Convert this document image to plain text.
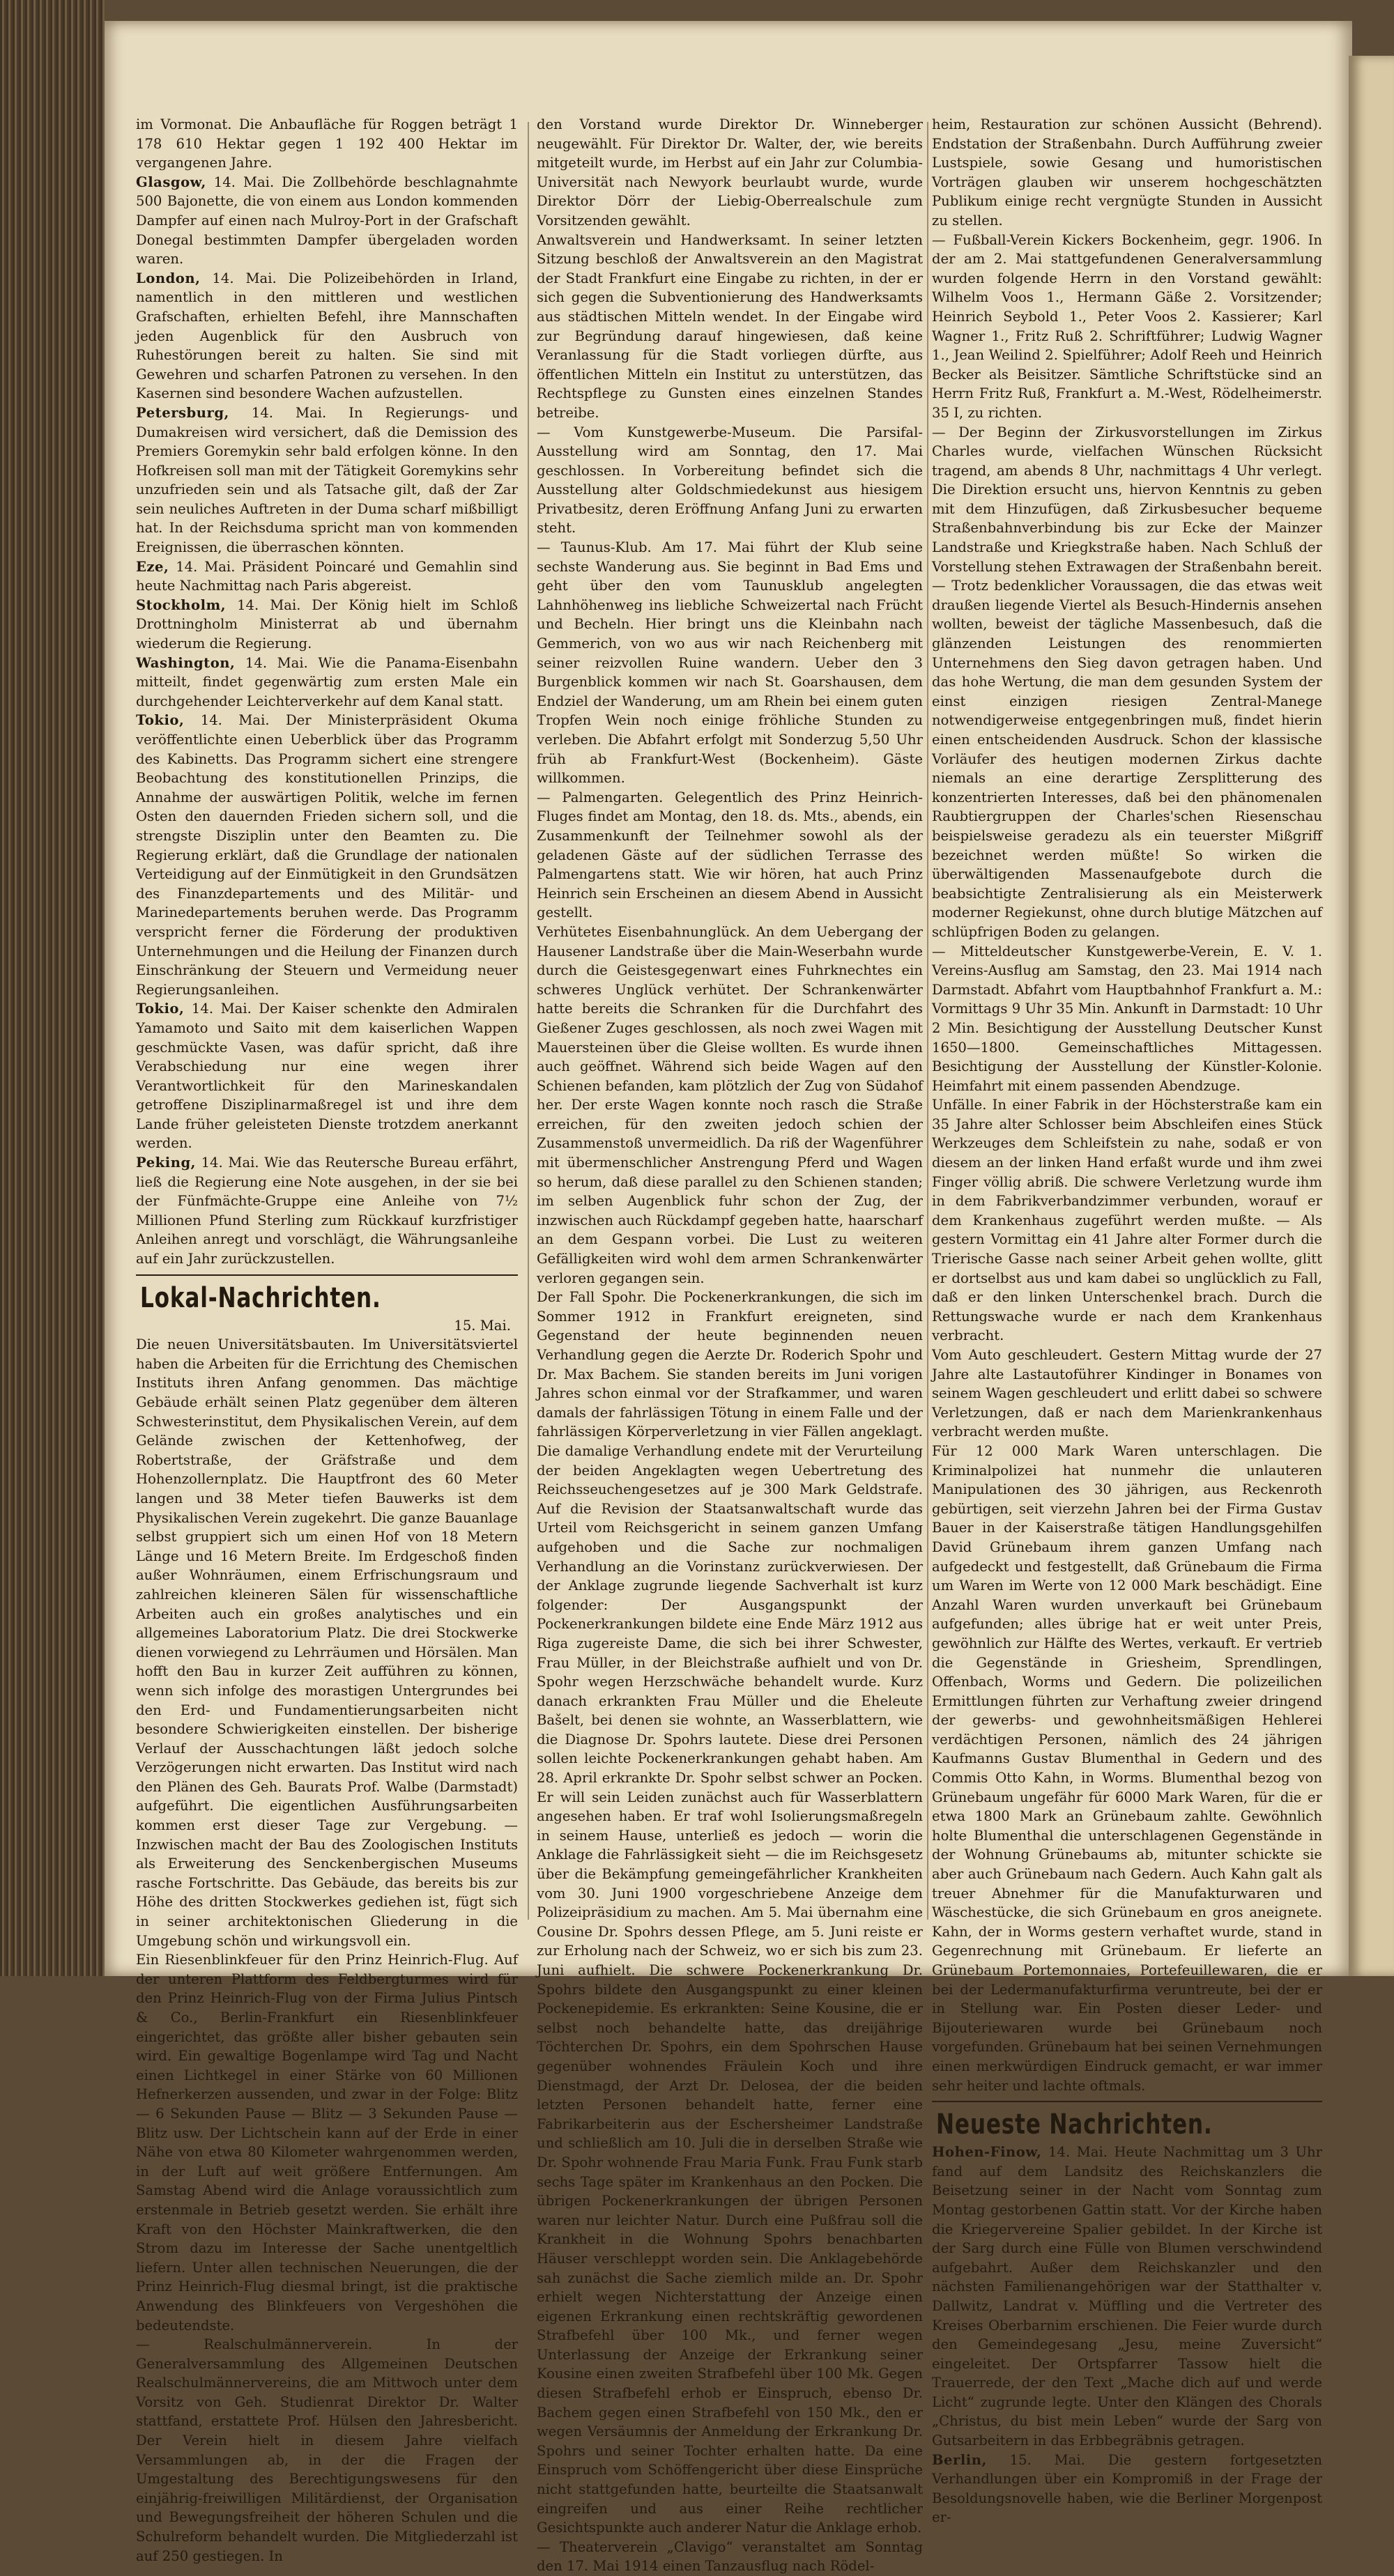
im Vormonat. Die Anbaufläche für Roggen beträgt 1 178 610 Hektar gegen 1 192 400 Hektar im vergangenen Jahre.

Glasgow, 14. Mai. Die Zollbehörde beschlagnahmte 500 Bajonette, die von einem aus London kommenden Dampfer auf einen nach Mulroy-Port in der Grafschaft Donegal bestimmten Dampfer übergeladen worden waren.

London, 14. Mai. Die Polizeibehörden in Irland, namentlich in den mittleren und westlichen Grafschaften, erhielten Befehl, ihre Mannschaften jeden Augenblick für den Ausbruch von Ruhestörungen bereit zu halten. Sie sind mit Gewehren und scharfen Patronen zu versehen. In den Kasernen sind besondere Wachen aufzustellen.

Petersburg, 14. Mai. In Regierungs- und Dumakreisen wird versichert, daß die Demission des Premiers Goremykin sehr bald erfolgen könne. In den Hofkreisen soll man mit der Tätigkeit Goremykins sehr unzufrieden sein und als Tatsache gilt, daß der Zar sein neuliches Auftreten in der Duma scharf mißbilligt hat. In der Reichsduma spricht man von kommenden Ereignissen, die überraschen könnten.

Eze, 14. Mai. Präsident Poincaré und Gemahlin sind heute Nachmittag nach Paris abgereist.

Stockholm, 14. Mai. Der König hielt im Schloß Drottningholm Ministerrat ab und übernahm wiederum die Regierung.

Washington, 14. Mai. Wie die Panama-Eisenbahn mitteilt, findet gegenwärtig zum ersten Male ein durchgehender Leichterverkehr auf dem Kanal statt.

Tokio, 14. Mai. Der Ministerpräsident Okuma veröffentlichte einen Ueberblick über das Programm des Kabinetts. Das Programm sichert eine strengere Beobachtung des konstitutionellen Prinzips, die Annahme der auswärtigen Politik, welche im fernen Osten den dauernden Frieden sichern soll, und die strengste Disziplin unter den Beamten zu. Die Regierung erklärt, daß die Grundlage der nationalen Verteidigung auf der Einmütigkeit in den Grundsätzen des Finanzdepartements und des Militär- und Marinedepartements beruhen werde. Das Programm verspricht ferner die Förderung der produktiven Unternehmungen und die Heilung der Finanzen durch Einschränkung der Steuern und Vermeidung neuer Regierungsanleihen.

Tokio, 14. Mai. Der Kaiser schenkte den Admiralen Yamamoto und Saito mit dem kaiserlichen Wappen geschmückte Vasen, was dafür spricht, daß ihre Verabschiedung nur eine wegen ihrer Verantwortlichkeit für den Marineskandalen getroffene Disziplinarmaßregel ist und ihre dem Lande früher geleisteten Dienste trotzdem anerkannt werden.

Peking, 14. Mai. Wie das Reutersche Bureau erfährt, ließ die Regierung eine Note ausgehen, in der sie bei der Fünfmächte-Gruppe eine Anleihe von 7½ Millionen Pfund Sterling zum Rückkauf kurzfristiger Anleihen anregt und vorschlägt, die Währungsanleihe auf ein Jahr zurückzustellen.

Lokal-Nachrichten.

15. Mai.

Die neuen Universitätsbauten. Im Universitätsviertel haben die Arbeiten für die Errichtung des Chemischen Instituts ihren Anfang genommen. Das mächtige Gebäude erhält seinen Platz gegenüber dem älteren Schwesterinstitut, dem Physikalischen Verein, auf dem Gelände zwischen der Kettenhofweg, der Robertstraße, der Gräfstraße und dem Hohenzollernplatz. Die Hauptfront des 60 Meter langen und 38 Meter tiefen Bauwerks ist dem Physikalischen Verein zugekehrt. Die ganze Bauanlage selbst gruppiert sich um einen Hof von 18 Metern Länge und 16 Metern Breite. Im Erdgeschoß finden außer Wohnräumen, einem Erfrischungsraum und zahlreichen kleineren Sälen für wissenschaftliche Arbeiten auch ein großes analytisches und ein allgemeines Laboratorium Platz. Die drei Stockwerke dienen vorwiegend zu Lehrräumen und Hörsälen. Man hofft den Bau in kurzer Zeit aufführen zu können, wenn sich infolge des morastigen Untergrundes bei den Erd- und Fundamentierungsarbeiten nicht besondere Schwierigkeiten einstellen. Der bisherige Verlauf der Ausschachtungen läßt jedoch solche Verzögerungen nicht erwarten. Das Institut wird nach den Plänen des Geh. Baurats Prof. Walbe (Darmstadt) aufgeführt. Die eigentlichen Ausführungsarbeiten kommen erst dieser Tage zur Vergebung. — Inzwischen macht der Bau des Zoologischen Instituts als Erweiterung des Senckenbergischen Museums rasche Fortschritte. Das Gebäude, das bereits bis zur Höhe des dritten Stockwerkes gediehen ist, fügt sich in seiner architektonischen Gliederung in die Umgebung schön und wirkungsvoll ein.

Ein Riesenblinkfeuer für den Prinz Heinrich-Flug. Auf der unteren Plattform des Feldbergturmes wird für den Prinz Heinrich-Flug von der Firma Julius Pintsch & Co., Berlin-Frankfurt ein Riesenblinkfeuer eingerichtet, das größte aller bisher gebauten sein wird. Ein gewaltige Bogenlampe wird Tag und Nacht einen Lichtkegel in einer Stärke von 60 Millionen Hefnerkerzen aussenden, und zwar in der Folge: Blitz — 6 Sekunden Pause — Blitz — 3 Sekunden Pause — Blitz usw. Der Lichtschein kann auf der Erde in einer Nähe von etwa 80 Kilometer wahrgenommen werden, in der Luft auf weit größere Entfernungen. Am Samstag Abend wird die Anlage voraussichtlich zum erstenmale in Betrieb gesetzt werden. Sie erhält ihre Kraft von den Höchster Mainkraftwerken, die den Strom dazu im Interesse der Sache unentgeltlich liefern. Unter allen technischen Neuerungen, die der Prinz Heinrich-Flug diesmal bringt, ist die praktische Anwendung des Blinkfeuers von Vergeshöhen die bedeutendste.

— Realschulmännerverein. In der Generalversammlung des Allgemeinen Deutschen Realschulmännervereins, die am Mittwoch unter dem Vorsitz von Geh. Studienrat Direktor Dr. Walter stattfand, erstattete Prof. Hülsen den Jahresbericht. Der Verein hielt in diesem Jahre vielfach Versammlungen ab, in der die Fragen der Umgestaltung des Berechtigungswesens für den einjährig-freiwilligen Militärdienst, der Organisation und Bewegungsfreiheit der höheren Schulen und die Schulreform behandelt wurden. Die Mitgliederzahl ist auf 250 gestiegen. In

den Vorstand wurde Direktor Dr. Winneberger neugewählt. Für Direktor Dr. Walter, der, wie bereits mitgeteilt wurde, im Herbst auf ein Jahr zur Columbia-Universität nach Newyork beurlaubt wurde, wurde Direktor Dörr der Liebig-Oberrealschule zum Vorsitzenden gewählt.

Anwaltsverein und Handwerksamt. In seiner letzten Sitzung beschloß der Anwaltsverein an den Magistrat der Stadt Frankfurt eine Eingabe zu richten, in der er sich gegen die Subventionierung des Handwerksamts aus städtischen Mitteln wendet. In der Eingabe wird zur Begründung darauf hingewiesen, daß keine Veranlassung für die Stadt vorliegen dürfte, aus öffentlichen Mitteln ein Institut zu unterstützen, das Rechtspflege zu Gunsten eines einzelnen Standes betreibe.

— Vom Kunstgewerbe-Museum. Die Parsifal-Ausstellung wird am Sonntag, den 17. Mai geschlossen. In Vorbereitung befindet sich die Ausstellung alter Goldschmiedekunst aus hiesigem Privatbesitz, deren Eröffnung Anfang Juni zu erwarten steht.

— Taunus-Klub. Am 17. Mai führt der Klub seine sechste Wanderung aus. Sie beginnt in Bad Ems und geht über den vom Taunusklub angelegten Lahnhöhenweg ins liebliche Schweizertal nach Frücht und Becheln. Hier bringt uns die Kleinbahn nach Gemmerich, von wo aus wir nach Reichenberg mit seiner reizvollen Ruine wandern. Ueber den 3 Burgenblick kommen wir nach St. Goarshausen, dem Endziel der Wanderung, um am Rhein bei einem guten Tropfen Wein noch einige fröhliche Stunden zu verleben. Die Abfahrt erfolgt mit Sonderzug 5,50 Uhr früh ab Frankfurt-West (Bockenheim). Gäste willkommen.

— Palmengarten. Gelegentlich des Prinz Heinrich-Fluges findet am Montag, den 18. ds. Mts., abends, ein Zusammenkunft der Teilnehmer sowohl als der geladenen Gäste auf der südlichen Terrasse des Palmengartens statt. Wie wir hören, hat auch Prinz Heinrich sein Erscheinen an diesem Abend in Aussicht gestellt.

Verhütetes Eisenbahnunglück. An dem Uebergang der Hausener Landstraße über die Main-Weserbahn wurde durch die Geistesgegenwart eines Fuhrknechtes ein schweres Unglück verhütet. Der Schrankenwärter hatte bereits die Schranken für die Durchfahrt des Gießener Zuges geschlossen, als noch zwei Wagen mit Mauersteinen über die Gleise wollten. Es wurde ihnen auch geöffnet. Während sich beide Wagen auf den Schienen befanden, kam plötzlich der Zug von Südahof her. Der erste Wagen konnte noch rasch die Straße erreichen, für den zweiten jedoch schien der Zusammenstoß unvermeidlich. Da riß der Wagenführer mit übermenschlicher Anstrengung Pferd und Wagen so herum, daß diese parallel zu den Schienen standen; im selben Augenblick fuhr schon der Zug, der inzwischen auch Rückdampf gegeben hatte, haarscharf an dem Gespann vorbei. Die Lust zu weiteren Gefälligkeiten wird wohl dem armen Schrankenwärter verloren gegangen sein.

Der Fall Spohr. Die Pockenerkrankungen, die sich im Sommer 1912 in Frankfurt ereigneten, sind Gegenstand der heute beginnenden neuen Verhandlung gegen die Aerzte Dr. Roderich Spohr und Dr. Max Bachem. Sie standen bereits im Juni vorigen Jahres schon einmal vor der Strafkammer, und waren damals der fahrlässigen Tötung in einem Falle und der fahrlässigen Körperverletzung in vier Fällen angeklagt. Die damalige Verhandlung endete mit der Verurteilung der beiden Angeklagten wegen Uebertretung des Reichsseuchengesetzes auf je 300 Mark Geldstrafe. Auf die Revision der Staatsanwaltschaft wurde das Urteil vom Reichsgericht in seinem ganzen Umfang aufgehoben und die Sache zur nochmaligen Verhandlung an die Vorinstanz zurückverwiesen. Der der Anklage zugrunde liegende Sachverhalt ist kurz folgender: Der Ausgangspunkt der Pockenerkrankungen bildete eine Ende März 1912 aus Riga zugereiste Dame, die sich bei ihrer Schwester, Frau Müller, in der Bleichstraße aufhielt und von Dr. Spohr wegen Herzschwäche behandelt wurde. Kurz danach erkrankten Frau Müller und die Eheleute Bašelt, bei denen sie wohnte, an Wasserblattern, wie die Diagnose Dr. Spohrs lautete. Diese drei Personen sollen leichte Pockenerkrankungen gehabt haben. Am 28. April erkrankte Dr. Spohr selbst schwer an Pocken. Er will sein Leiden zunächst auch für Wasserblattern angesehen haben. Er traf wohl Isolierungsmaßregeln in seinem Hause, unterließ es jedoch — worin die Anklage die Fahrlässigkeit sieht — die im Reichsgesetz über die Bekämpfung gemeingefährlicher Krankheiten vom 30. Juni 1900 vorgeschriebene Anzeige dem Polizeipräsidium zu machen. Am 5. Mai übernahm eine Cousine Dr. Spohrs dessen Pflege, am 5. Juni reiste er zur Erholung nach der Schweiz, wo er sich bis zum 23. Juni aufhielt. Die schwere Pockenerkrankung Dr. Spohrs bildete den Ausgangspunkt zu einer kleinen Pockenepidemie. Es erkrankten: Seine Kousine, die er selbst noch behandelte hatte, das dreijährige Töchterchen Dr. Spohrs, ein dem Spohrschen Hause gegenüber wohnendes Fräulein Koch und ihre Dienstmagd, der Arzt Dr. Delosea, der die beiden letzten Personen behandelt hatte, ferner eine Fabrikarbeiterin aus der Eschersheimer Landstraße und schließlich am 10. Juli die in derselben Straße wie Dr. Spohr wohnende Frau Maria Funk. Frau Funk starb sechs Tage später im Krankenhaus an den Pocken. Die übrigen Pockenerkrankungen der übrigen Personen waren nur leichter Natur. Durch eine Pußfrau soll die Krankheit in die Wohnung Spohrs benachbarten Häuser verschleppt worden sein. Die Anklagebehörde sah zunächst die Sache ziemlich milde an. Dr. Spohr erhielt wegen Nichterstattung der Anzeige einen eigenen Erkrankung einen rechtskräftig gewordenen Strafbefehl über 100 Mk., und ferner wegen Unterlassung der Anzeige der Erkrankung seiner Kousine einen zweiten Strafbefehl über 100 Mk. Gegen diesen Strafbefehl erhob er Einspruch, ebenso Dr. Bachem gegen einen Strafbefehl von 150 Mk., den er wegen Versäumnis der Anmeldung der Erkrankung Dr. Spohrs und seiner Tochter erhalten hatte. Da eine Einspruch vom Schöffengericht über diese Einsprüche nicht stattgefunden hatte, beurteilte die Staatsanwalt eingreifen und aus einer Reihe rechtlicher Gesichtspunkte auch anderer Natur die Anklage erhob.

— Theaterverein „Clavigo“ veranstaltet am Sonntag den 17. Mai 1914 einen Tanzausflug nach Rödel-

heim, Restauration zur schönen Aussicht (Behrend). Endstation der Straßenbahn. Durch Aufführung zweier Lustspiele, sowie Gesang und humoristischen Vorträgen glauben wir unserem hochgeschätzten Publikum einige recht vergnügte Stunden in Aussicht zu stellen.

— Fußball-Verein Kickers Bockenheim, gegr. 1906. In der am 2. Mai stattgefundenen Generalversammlung wurden folgende Herrn in den Vorstand gewählt: Wilhelm Voos 1., Hermann Gäße 2. Vorsitzender; Heinrich Seybold 1., Peter Voos 2. Kassierer; Karl Wagner 1., Fritz Ruß 2. Schriftführer; Ludwig Wagner 1., Jean Weilind 2. Spielführer; Adolf Reeh und Heinrich Becker als Beisitzer. Sämtliche Schriftstücke sind an Herrn Fritz Ruß, Frankfurt a. M.-West, Rödelheimerstr. 35 I, zu richten.

— Der Beginn der Zirkusvorstellungen im Zirkus Charles wurde, vielfachen Wünschen Rücksicht tragend, am abends 8 Uhr, nachmittags 4 Uhr verlegt. Die Direktion ersucht uns, hiervon Kenntnis zu geben mit dem Hinzufügen, daß Zirkusbesucher bequeme Straßenbahnverbindung bis zur Ecke der Mainzer Landstraße und Kriegkstraße haben. Nach Schluß der Vorstellung stehen Extrawagen der Straßenbahn bereit. — Trotz bedenklicher Voraussagen, die das etwas weit draußen liegende Viertel als Besuch-Hindernis ansehen wollten, beweist der tägliche Massenbesuch, daß die glänzenden Leistungen des renommierten Unternehmens den Sieg davon getragen haben. Und das hohe Wertung, die man dem gesunden System der einst einzigen riesigen Zentral-Manege notwendigerweise entgegenbringen muß, findet hierin einen entscheidenden Ausdruck. Schon der klassische Vorläufer des heutigen modernen Zirkus dachte niemals an eine derartige Zersplitterung des konzentrierten Interesses, daß bei den phänomenalen Raubtiergruppen der Charles'schen Riesenschau beispielsweise geradezu als ein teuerster Mißgriff bezeichnet werden müßte! So wirken die überwältigenden Massenaufgebote durch die beabsichtigte Zentralisierung als ein Meisterwerk moderner Regiekunst, ohne durch blutige Mätzchen auf schlüpfrigen Boden zu gelangen.

— Mitteldeutscher Kunstgewerbe-Verein, E. V. 1. Vereins-Ausflug am Samstag, den 23. Mai 1914 nach Darmstadt. Abfahrt vom Hauptbahnhof Frankfurt a. M.: Vormittags 9 Uhr 35 Min. Ankunft in Darmstadt: 10 Uhr 2 Min. Besichtigung der Ausstellung Deutscher Kunst 1650—1800. Gemeinschaftliches Mittagessen. Besichtigung der Ausstellung der Künstler-Kolonie. Heimfahrt mit einem passenden Abendzuge.

Unfälle. In einer Fabrik in der Höchsterstraße kam ein 35 Jahre alter Schlosser beim Abschleifen eines Stück Werkzeuges dem Schleifstein zu nahe, sodaß er von diesem an der linken Hand erfaßt wurde und ihm zwei Finger völlig abriß. Die schwere Verletzung wurde ihm in dem Fabrikverbandzimmer verbunden, worauf er dem Krankenhaus zugeführt werden mußte. — Als gestern Vormittag ein 41 Jahre alter Former durch die Trierische Gasse nach seiner Arbeit gehen wollte, glitt er dortselbst aus und kam dabei so unglücklich zu Fall, daß er den linken Unterschenkel brach. Durch die Rettungswache wurde er nach dem Krankenhaus verbracht.

Vom Auto geschleudert. Gestern Mittag wurde der 27 Jahre alte Lastautoführer Kindinger in Bonames von seinem Wagen geschleudert und erlitt dabei so schwere Verletzungen, daß er nach dem Marienkrankenhaus verbracht werden mußte.

Für 12 000 Mark Waren unterschlagen. Die Kriminalpolizei hat nunmehr die unlauteren Manipulationen des 30 jährigen, aus Reckenroth gebürtigen, seit vierzehn Jahren bei der Firma Gustav Bauer in der Kaiserstraße tätigen Handlungsgehilfen David Grünebaum ihrem ganzen Umfang nach aufgedeckt und festgestellt, daß Grünebaum die Firma um Waren im Werte von 12 000 Mark beschädigt. Eine Anzahl Waren wurden unverkauft bei Grünebaum aufgefunden; alles übrige hat er weit unter Preis, gewöhnlich zur Hälfte des Wertes, verkauft. Er vertrieb die Gegenstände in Griesheim, Sprendlingen, Offenbach, Worms und Gedern. Die polizeilichen Ermittlungen führten zur Verhaftung zweier dringend der gewerbs- und gewohnheitsmäßigen Hehlerei verdächtigen Personen, nämlich des 24 jährigen Kaufmanns Gustav Blumenthal in Gedern und des Commis Otto Kahn, in Worms. Blumenthal bezog von Grünebaum ungefähr für 6000 Mark Waren, für die er etwa 1800 Mark an Grünebaum zahlte. Gewöhnlich holte Blumenthal die unterschlagenen Gegenstände in der Wohnung Grünebaums ab, mitunter schickte sie aber auch Grünebaum nach Gedern. Auch Kahn galt als treuer Abnehmer für die Manufakturwaren und Wäschestücke, die sich Grünebaum en gros aneignete. Kahn, der in Worms gestern verhaftet wurde, stand in Gegenrechnung mit Grünebaum. Er lieferte an Grünebaum Portemonnaies, Portefeuillewaren, die er bei der Ledermanufakturfirma veruntreute, bei der er in Stellung war. Ein Posten dieser Leder- und Bijouteriewaren wurde bei Grünebaum noch vorgefunden. Grünebaum hat bei seinen Vernehmungen einen merkwürdigen Eindruck gemacht, er war immer sehr heiter und lachte oftmals.

Neueste Nachrichten.

Hohen-Finow, 14. Mai. Heute Nachmittag um 3 Uhr fand auf dem Landsitz des Reichskanzlers die Beisetzung seiner in der Nacht vom Sonntag zum Montag gestorbenen Gattin statt. Vor der Kirche haben die Kriegervereine Spalier gebildet. In der Kirche ist der Sarg durch eine Fülle von Blumen verschwindend aufgebahrt. Außer dem Reichskanzler und den nächsten Familienangehörigen war der Statthalter v. Dallwitz, Landrat v. Müffling und die Vertreter des Kreises Oberbarnim erschienen. Die Feier wurde durch den Gemeindegesang „Jesu, meine Zuversicht“ eingeleitet. Der Ortspfarrer Tassow hielt die Trauerrede, der den Text „Mache dich auf und werde Licht“ zugrunde legte. Unter den Klängen des Chorals „Christus, du bist mein Leben“ wurde der Sarg von Gutsarbeitern in das Erbbegräbnis getragen.

Berlin, 15. Mai. Die gestern fortgesetzten Verhandlungen über ein Kompromiß in der Frage der Besoldungsnovelle haben, wie die Berliner Morgenpost er-
